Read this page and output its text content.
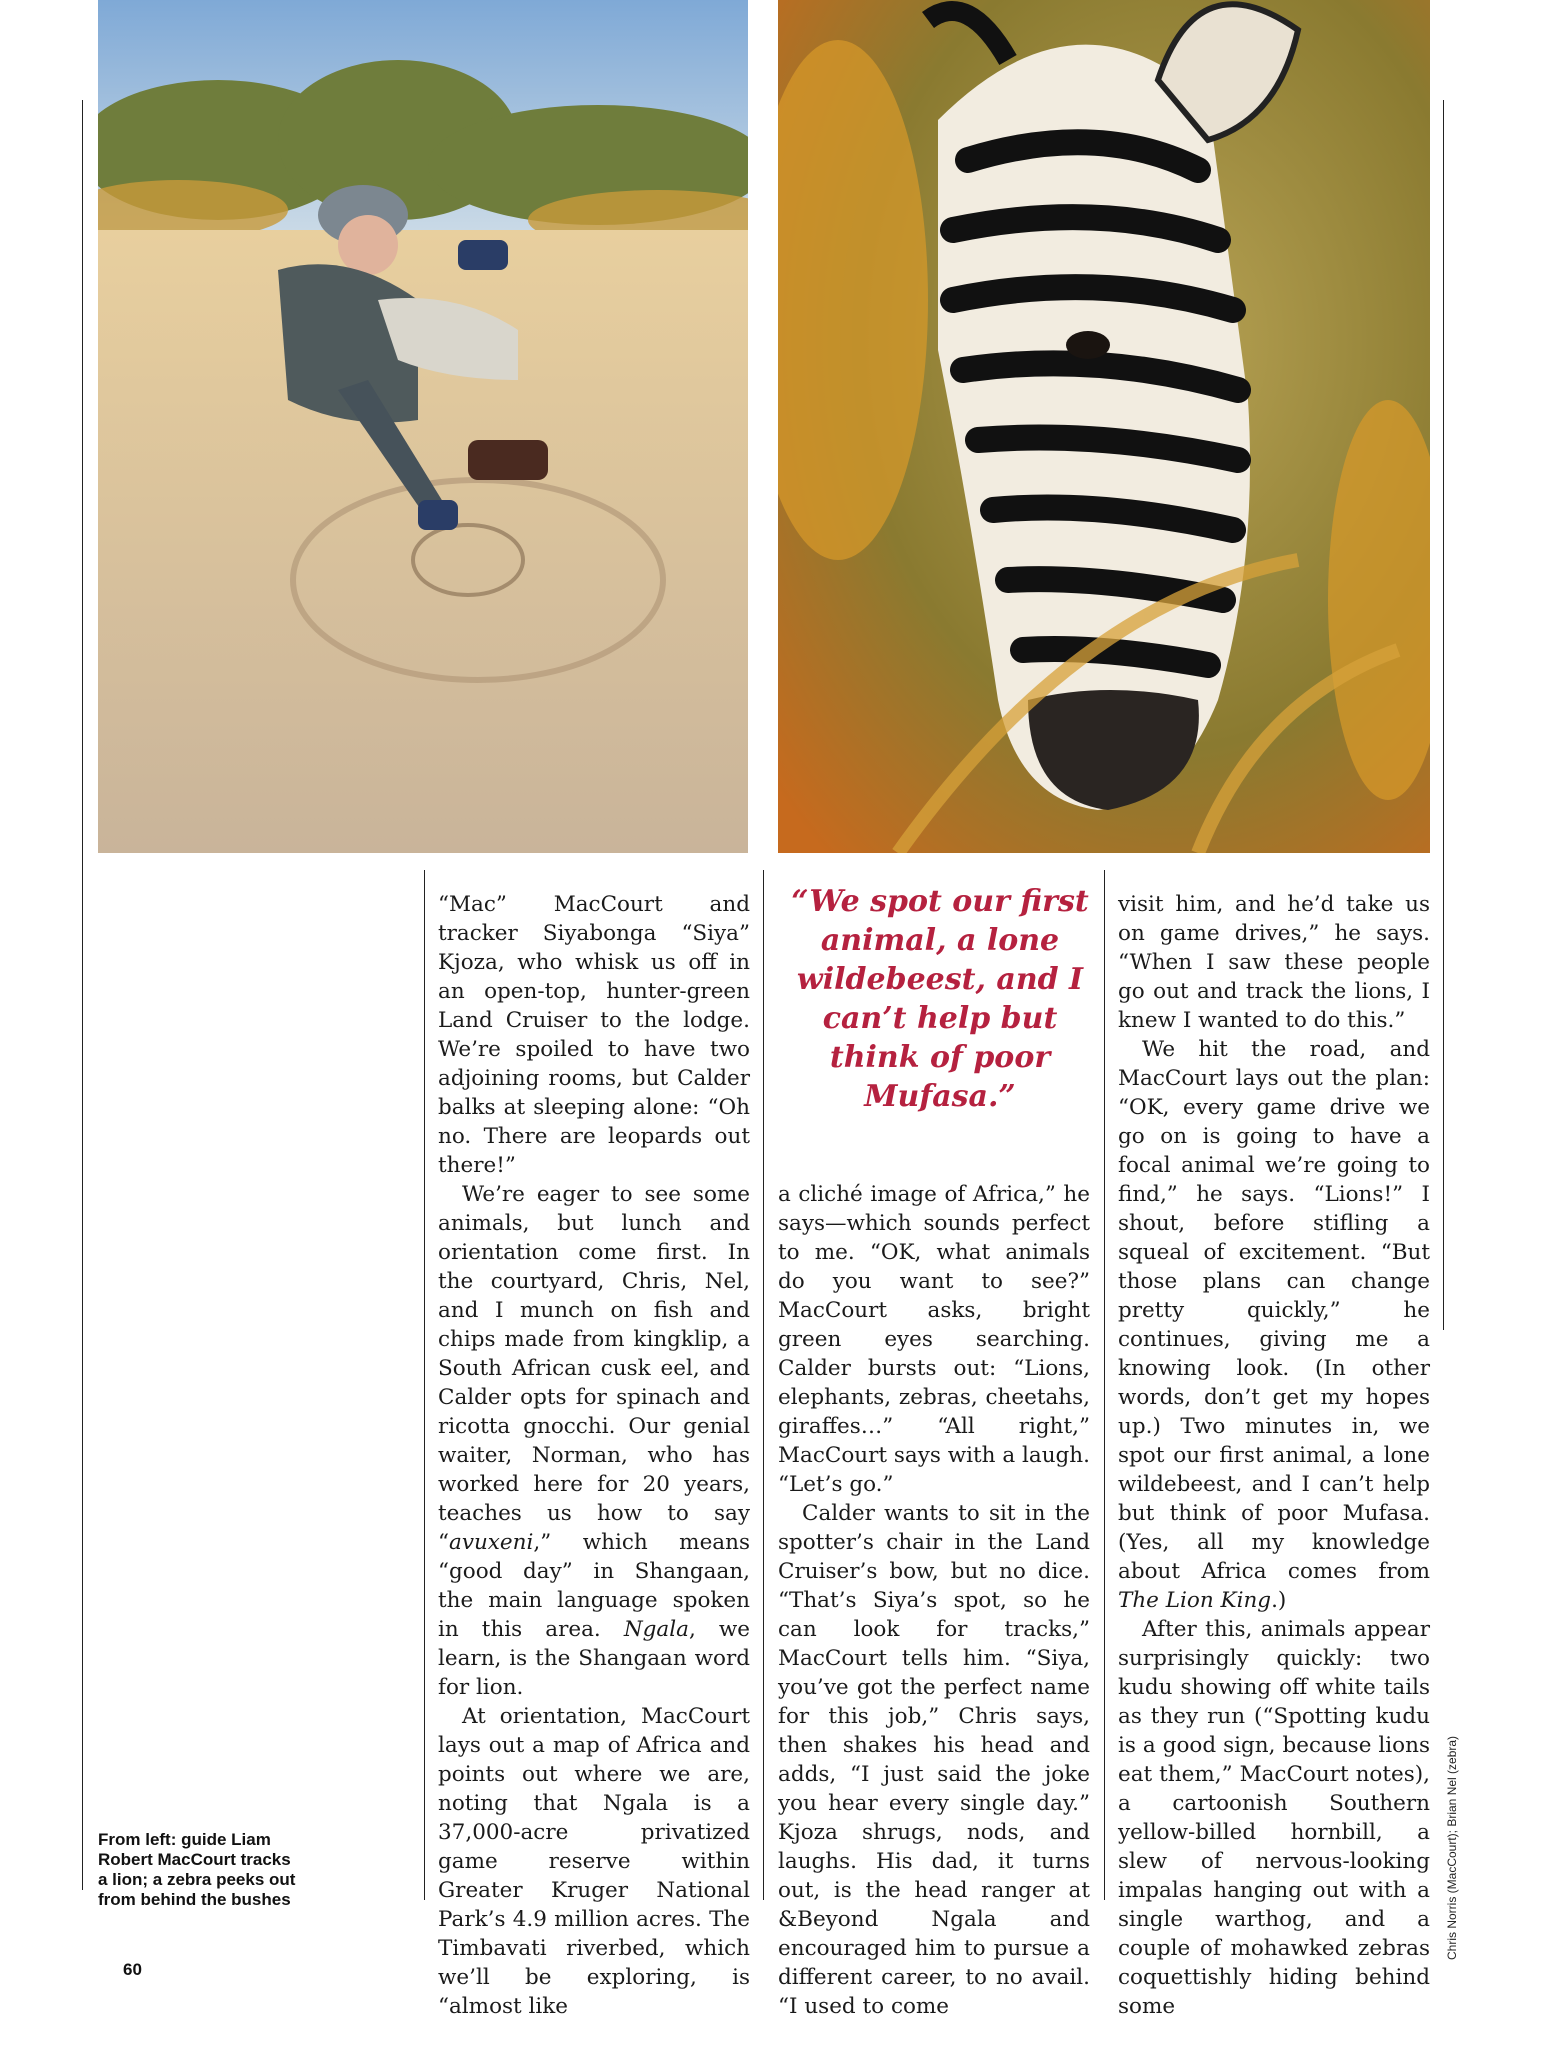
“Mac” MacCourt and tracker Siyabonga “Siya” Kjoza, who whisk us off in an open-top, hunter-green Land Cruiser to the lodge. We’re spoiled to have two adjoining rooms, but Calder balks at sleeping alone: “Oh no. There are leopards out there!”

We’re eager to see some animals, but lunch and orientation come first. In the courtyard, Chris, Nel, and I munch on fish and chips made from kingklip, a South African cusk eel, and Calder opts for spinach and ricotta gnocchi. Our genial waiter, Norman, who has worked here for 20 years, teaches us how to say “avuxeni,” which means “good day” in Shangaan, the main language spoken in this area. Ngala, we learn, is the Shangaan word for lion.

At orientation, MacCourt lays out a map of Africa and points out where we are, noting that Ngala is a 37,000-acre privatized game reserve within Greater Kruger National Park’s 4.9 million acres. The Timbavati riverbed, which we’ll be exploring, is “almost like

“We spot our first animal, a lone wildebeest, and I can’t help but think of poor Mufasa.”

a cliché image of Africa,” he says—which sounds perfect to me. “OK, what animals do you want to see?” MacCourt asks, bright green eyes searching. Calder bursts out: “Lions, elephants, zebras, cheetahs, giraffes…” “All right,” MacCourt says with a laugh. “Let’s go.”

Calder wants to sit in the spotter’s chair in the Land Cruiser’s bow, but no dice. “That’s Siya’s spot, so he can look for tracks,” MacCourt tells him. “Siya, you’ve got the perfect name for this job,” Chris says, then shakes his head and adds, “I just said the joke you hear every single day.” Kjoza shrugs, nods, and laughs. His dad, it turns out, is the head ranger at &Beyond Ngala and encouraged him to pursue a different career, to no avail. “I used to come

visit him, and he’d take us on game drives,” he says. “When I saw these people go out and track the lions, I knew I wanted to do this.”

We hit the road, and MacCourt lays out the plan: “OK, every game drive we go on is going to have a focal animal we’re going to find,” he says. “Lions!” I shout, before stifling a squeal of excitement. “But those plans can change pretty quickly,” he continues, giving me a knowing look. (In other words, don’t get my hopes up.) Two minutes in, we spot our first animal, a lone wildebeest, and I can’t help but think of poor Mufasa. (Yes, all my knowledge about Africa comes from The Lion King.)

After this, animals appear surprisingly quickly: two kudu showing off white tails as they run (“Spotting kudu is a good sign, because lions eat them,” MacCourt notes), a cartoonish Southern yellow-billed hornbill, a slew of nervous-looking impalas hanging out with a single warthog, and a couple of mohawked zebras coquettishly hiding behind some

From left: guide Liam Robert MacCourt tracks a lion; a zebra peeks out from behind the bushes	Chris Norris (MacCourt); Brian Nel (zebra)
60
